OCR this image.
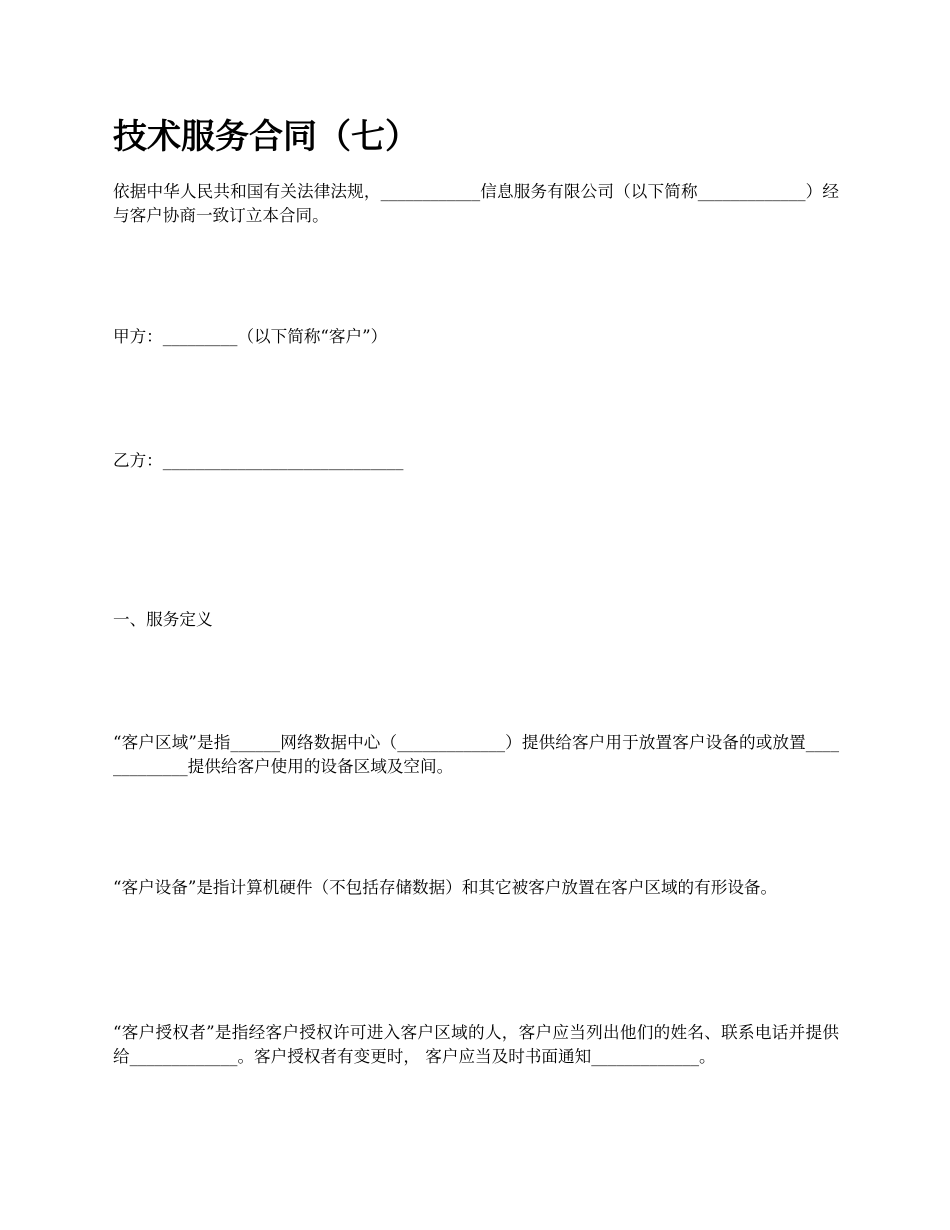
技术服务合同（七）

依据中华人民共和国有关法律法规，____________信息服务有限公司（以下简称_____________）经与客户协商一致订立本合同。

甲方：_________（以下简称“客户”）

乙方：_____________________________

一、服务定义

“客户区域”是指______网络数据中心（_____________）提供给客户用于放置客户设备的或放置_____________提供给客户使用的设备区域及空间。

“客户设备”是指计算机硬件（不包括存储数据）和其它被客户放置在客户区域的有形设备。

“客户授权者”是指经客户授权许可进入客户区域的人，客户应当列出他们的姓名、联系电话并提供给_____________。客户授权者有变更时， 客户应当及时书面通知_____________。
